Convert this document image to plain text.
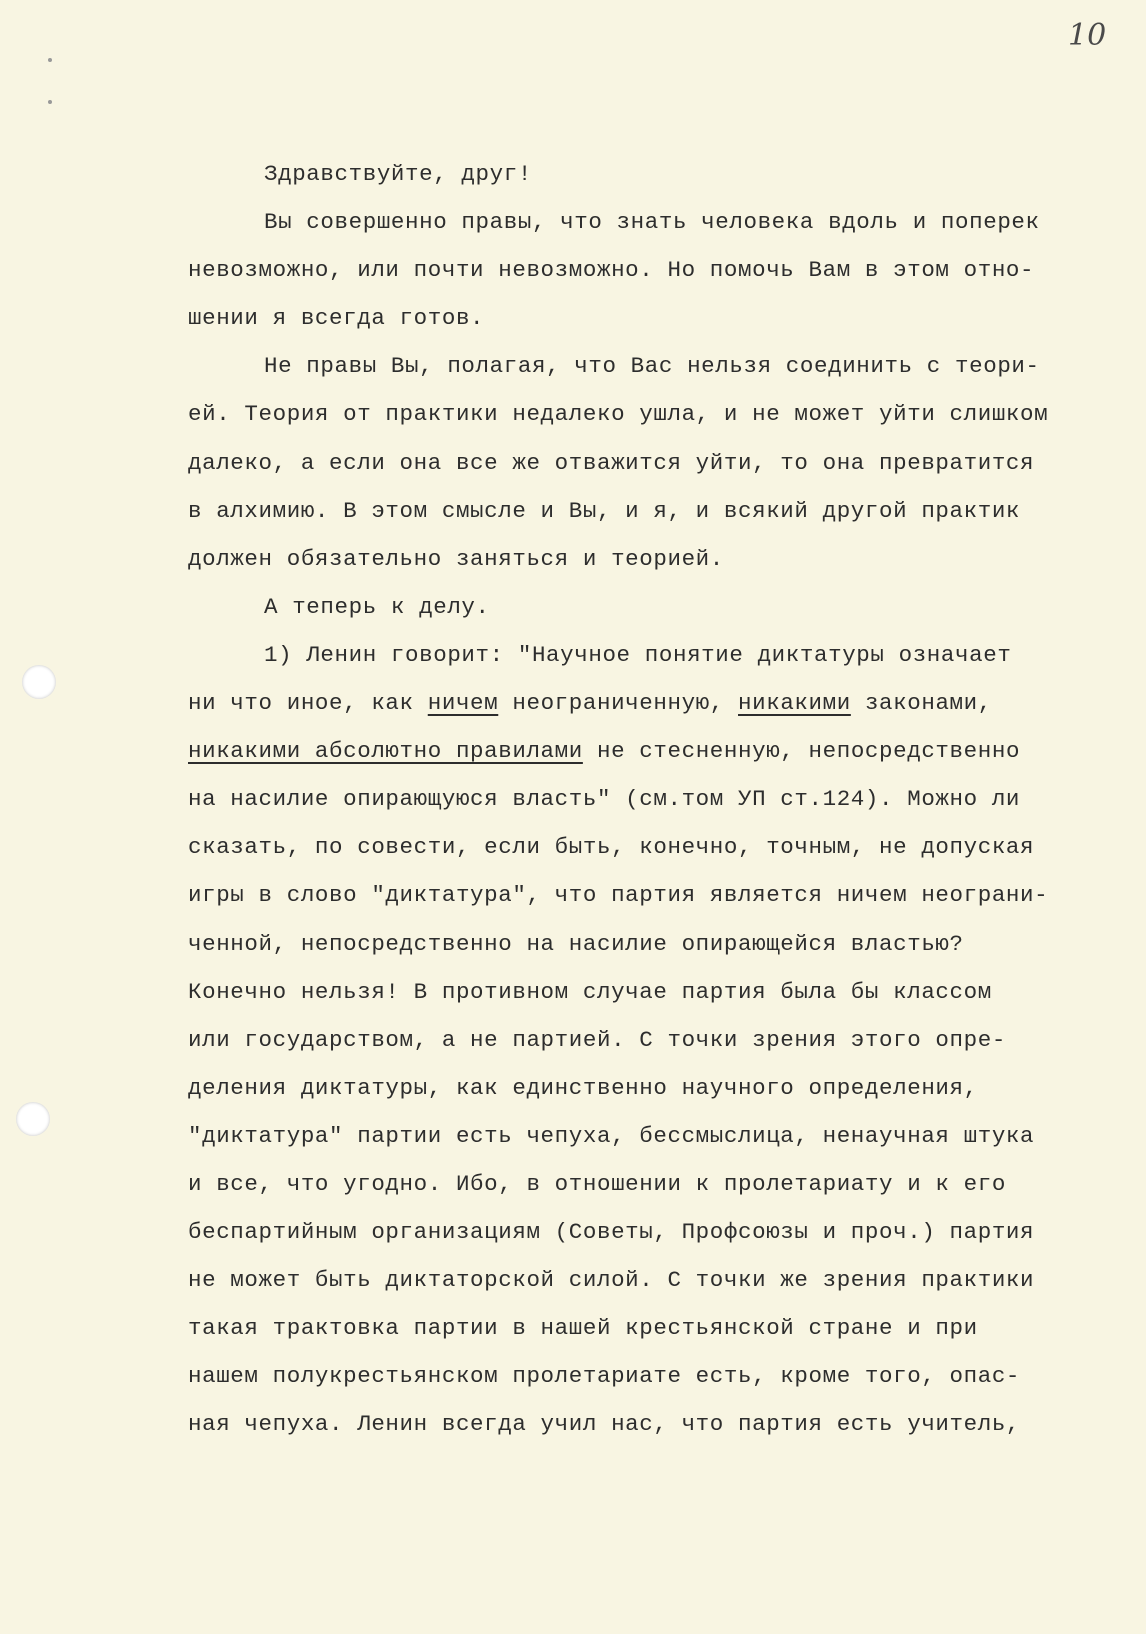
10
Здравствуйте, друг!
Вы совершенно правы, что знать человека вдоль и поперек
невозможно, или почти невозможно. Но помочь Вам в этом отно-
шении я всегда готов.
Не правы Вы, полагая, что Вас нельзя соединить с теори-
ей. Теория от практики недалеко ушла, и не может уйти слишком
далеко, а если она все же отважится уйти, то она превратится
в алхимию. В этом смысле и Вы, и я, и всякий другой практик
должен обязательно заняться и теорией.
А теперь к делу.
1) Ленин говорит: "Научное понятие диктатуры означает
ни что иное, как ничем неограниченную, никакими законами,
никакими абсолютно правилами не стесненную, непосредственно
на насилие опирающуюся власть" (см.том УП ст.124). Можно ли
сказать, по совести, если быть, конечно, точным, не допуская
игры в слово "диктатура", что партия является ничем неограни-
ченной, непосредственно на насилие опирающейся властью?
Конечно нельзя! В противном случае партия была бы классом
или государством, а не партией. С точки зрения этого опре-
деления диктатуры, как единственно научного определения,
"диктатура" партии есть чепуха, бессмыслица, ненаучная штука
и все, что угодно. Ибо, в отношении к пролетариату и к его
беспартийным организациям (Советы, Профсоюзы и проч.) партия
не может быть диктаторской силой. С точки же зрения практики
такая трактовка партии в нашей крестьянской стране и при
нашем полукрестьянском пролетариате есть, кроме того, опас-
ная чепуха. Ленин всегда учил нас, что партия есть учитель,
